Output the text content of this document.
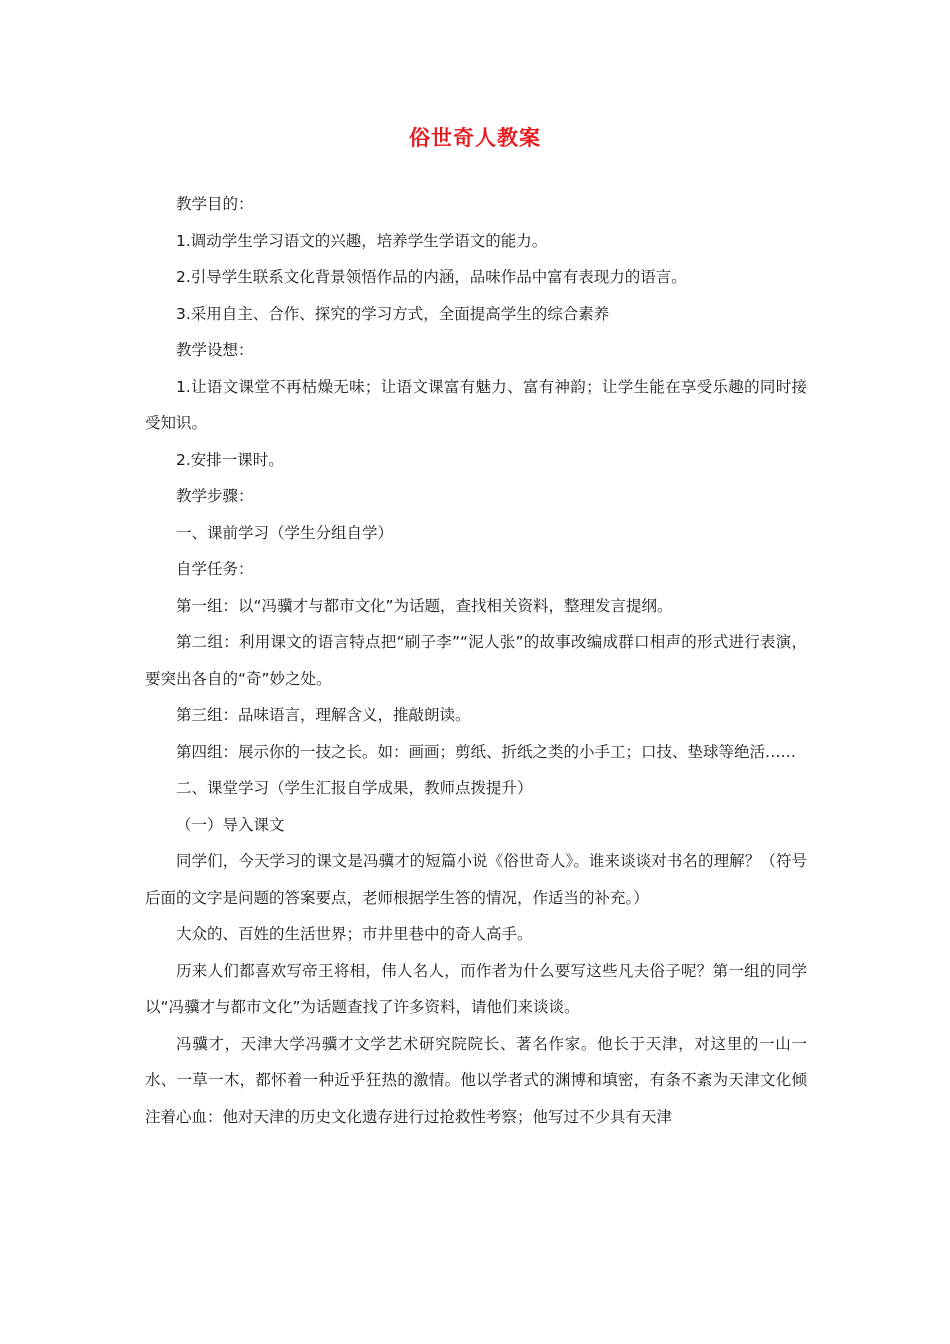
俗世奇人教案

教学目的：

1.调动学生学习语文的兴趣，培养学生学语文的能力。

2.引导学生联系文化背景领悟作品的内涵，品味作品中富有表现力的语言。

3.采用自主、合作、探究的学习方式，全面提高学生的综合素养

教学设想：

1.让语文课堂不再枯燥无味；让语文课富有魅力、富有神韵；让学生能在享受乐趣的同时接受知识。

2.安排一课时。

教学步骤：

一、课前学习（学生分组自学）

自学任务：

第一组：以“冯骥才与都市文化”为话题，查找相关资料，整理发言提纲。

第二组：利用课文的语言特点把“刷子李”“泥人张”的故事改编成群口相声的形式进行表演，要突出各自的“奇”妙之处。

第三组：品味语言，理解含义，推敲朗读。

第四组：展示你的一技之长。如：画画；剪纸、折纸之类的小手工；口技、垫球等绝活……

二、课堂学习（学生汇报自学成果，教师点拨提升）

（一）导入课文

同学们，今天学习的课文是冯骥才的短篇小说《俗世奇人》。谁来谈谈对书名的理解？（符号后面的文字是问题的答案要点，老师根据学生答的情况，作适当的补充。）

大众的、百姓的生活世界；市井里巷中的奇人高手。

历来人们都喜欢写帝王将相，伟人名人，而作者为什么要写这些凡夫俗子呢？第一组的同学以“冯骥才与都市文化”为话题查找了许多资料，请他们来谈谈。

冯骥才，天津大学冯骥才文学艺术研究院院长、著名作家。他长于天津，对这里的一山一水、一草一木，都怀着一种近乎狂热的激情。他以学者式的渊博和填密，有条不紊为天津文化倾注着心血：他对天津的历史文化遗存进行过抢救性考察；他写过不少具有天津
